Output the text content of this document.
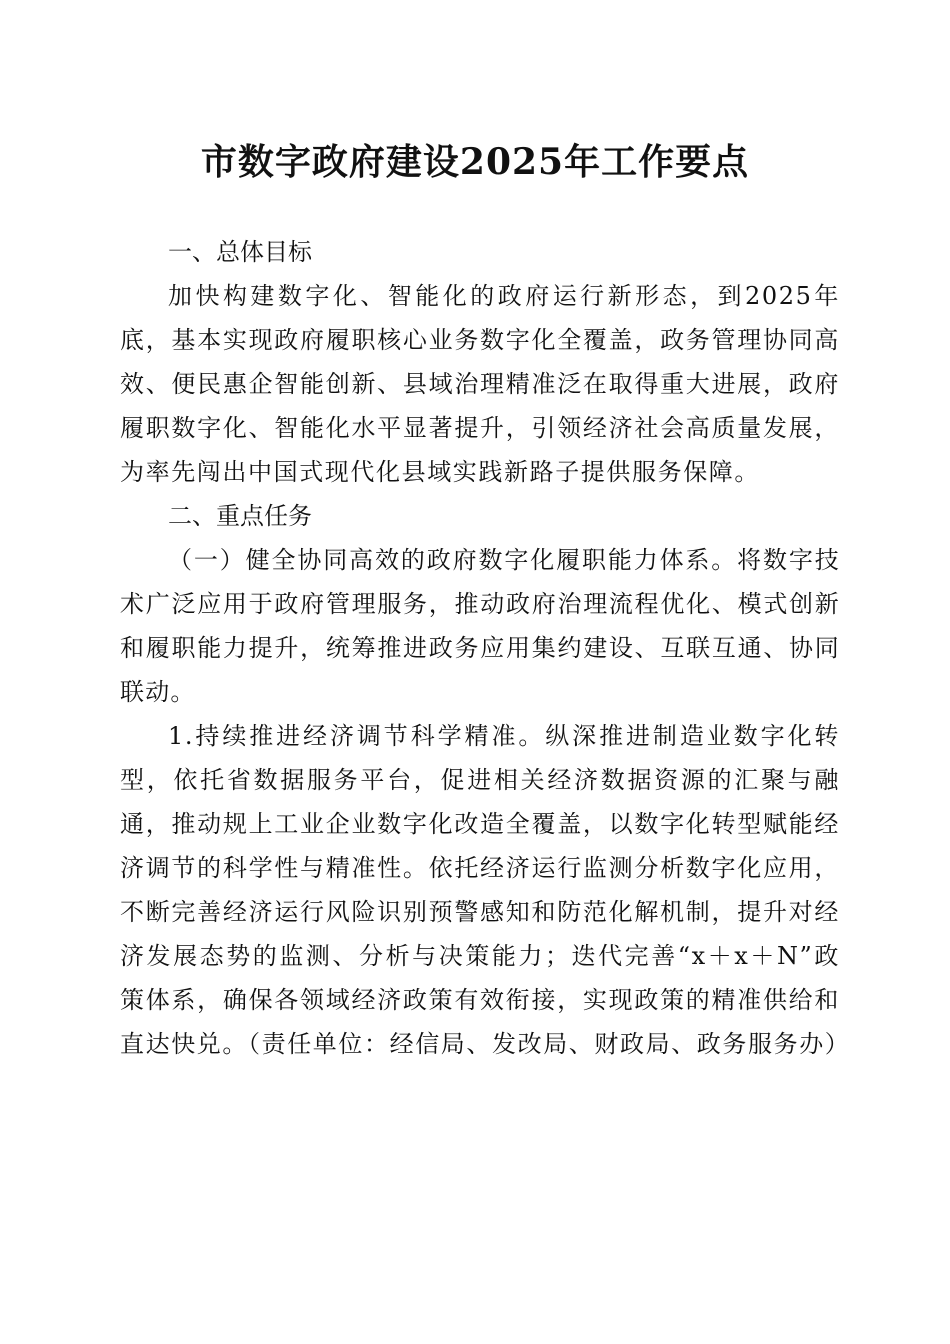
市数字政府建设2025年工作要点
一、总体目标

加快构建数字化、智能化的政府运行新形态，到2025年底，基本实现政府履职核心业务数字化全覆盖，政务管理协同高效、便民惠企智能创新、县域治理精准泛在取得重大进展，政府履职数字化、智能化水平显著提升，引领经济社会高质量发展，为率先闯出中国式现代化县域实践新路子提供服务保障。

二、重点任务

（一）健全协同高效的政府数字化履职能力体系。将数字技术广泛应用于政府管理服务，推动政府治理流程优化、模式创新和履职能力提升，统筹推进政务应用集约建设、互联互通、协同联动。

1.持续推进经济调节科学精准。纵深推进制造业数字化转型，依托省数据服务平台，促进相关经济数据资源的汇聚与融通，推动规上工业企业数字化改造全覆盖，以数字化转型赋能经济调节的科学性与精准性。依托经济运行监测分析数字化应用，不断完善经济运行风险识别预警感知和防范化解机制，提升对经济发展态势的监测、分析与决策能力；迭代完善“x＋x＋N”政策体系，确保各领域经济政策有效衔接，实现政策的精准供给和直达快兑。（责任单位：经信局、发改局、财政局、政务服务办）
